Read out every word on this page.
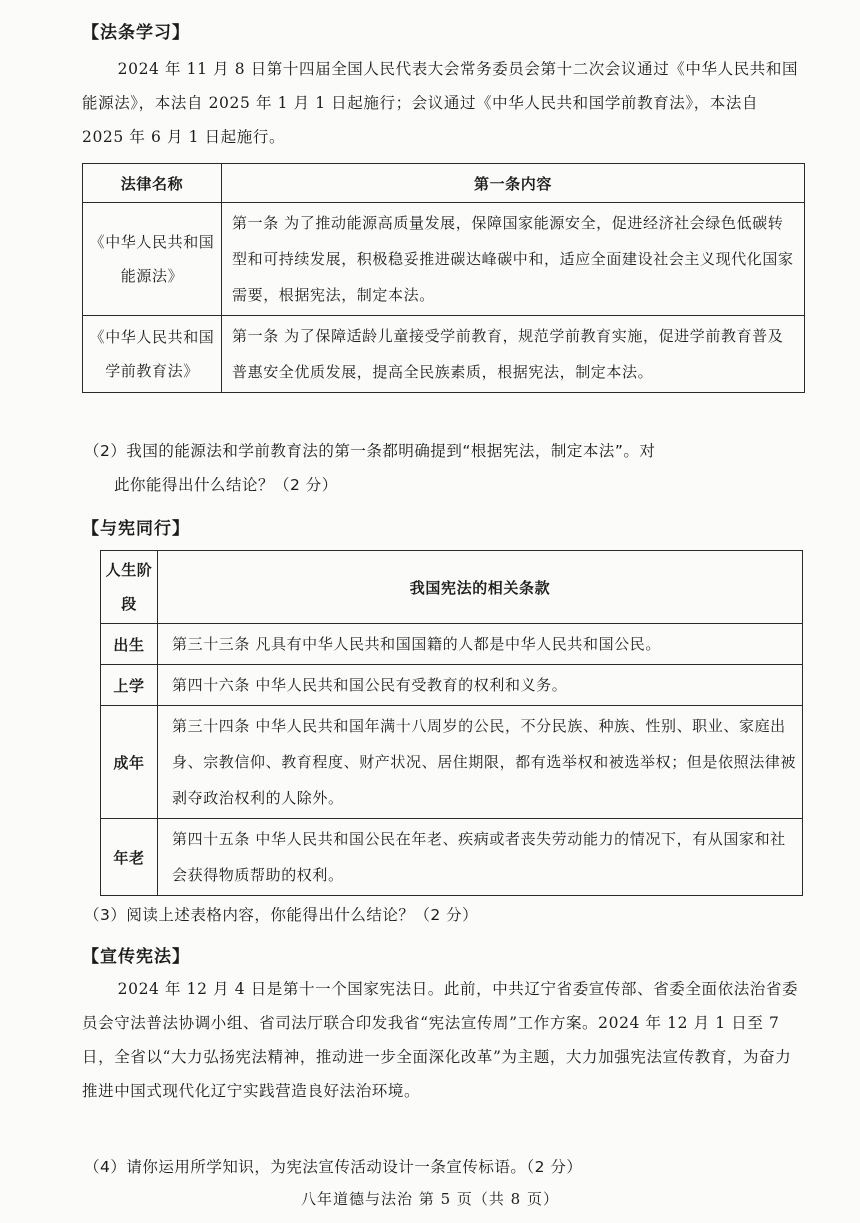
【法条学习】
2024 年 11 月 8 日第十四届全国人民代表大会常务委员会第十二次会议通过《中华人民共和国能源法》，本法自 2025 年 1 月 1 日起施行；会议通过《中华人民共和国学前教育法》，本法自 2025 年 6 月 1 日起施行。
法律名称	第一条内容
《中华人民共和国能源法》	第一条 为了推动能源高质量发展，保障国家能源安全，促进经济社会绿色低碳转型和可持续发展，积极稳妥推进碳达峰碳中和，适应全面建设社会主义现代化国家需要，根据宪法，制定本法。
《中华人民共和国学前教育法》	第一条 为了保障适龄儿童接受学前教育，规范学前教育实施，促进学前教育普及普惠安全优质发展，提高全民族素质，根据宪法，制定本法。
（2）我国的能源法和学前教育法的第一条都明确提到“根据宪法，制定本法”。对
此你能得出什么结论？（2 分）
【与宪同行】
人生阶段	我国宪法的相关条款
出生	第三十三条 凡具有中华人民共和国国籍的人都是中华人民共和国公民。
上学	第四十六条 中华人民共和国公民有受教育的权利和义务。
成年	第三十四条 中华人民共和国年满十八周岁的公民，不分民族、种族、性别、职业、家庭出身、宗教信仰、教育程度、财产状况、居住期限，都有选举权和被选举权；但是依照法律被剥夺政治权利的人除外。
年老	第四十五条 中华人民共和国公民在年老、疾病或者丧失劳动能力的情况下，有从国家和社会获得物质帮助的权利。
（3）阅读上述表格内容，你能得出什么结论？（2 分）
【宣传宪法】
2024 年 12 月 4 日是第十一个国家宪法日。此前，中共辽宁省委宣传部、省委全面依法治省委员会守法普法协调小组、省司法厅联合印发我省“宪法宣传周”工作方案。2024 年 12 月 1 日至 7 日，全省以“大力弘扬宪法精神，推动进一步全面深化改革”为主题，大力加强宪法宣传教育，为奋力推进中国式现代化辽宁实践营造良好法治环境。
（4）请你运用所学知识，为宪法宣传活动设计一条宣传标语。（2 分）
八年道德与法治 第 5 页（共 8 页）
